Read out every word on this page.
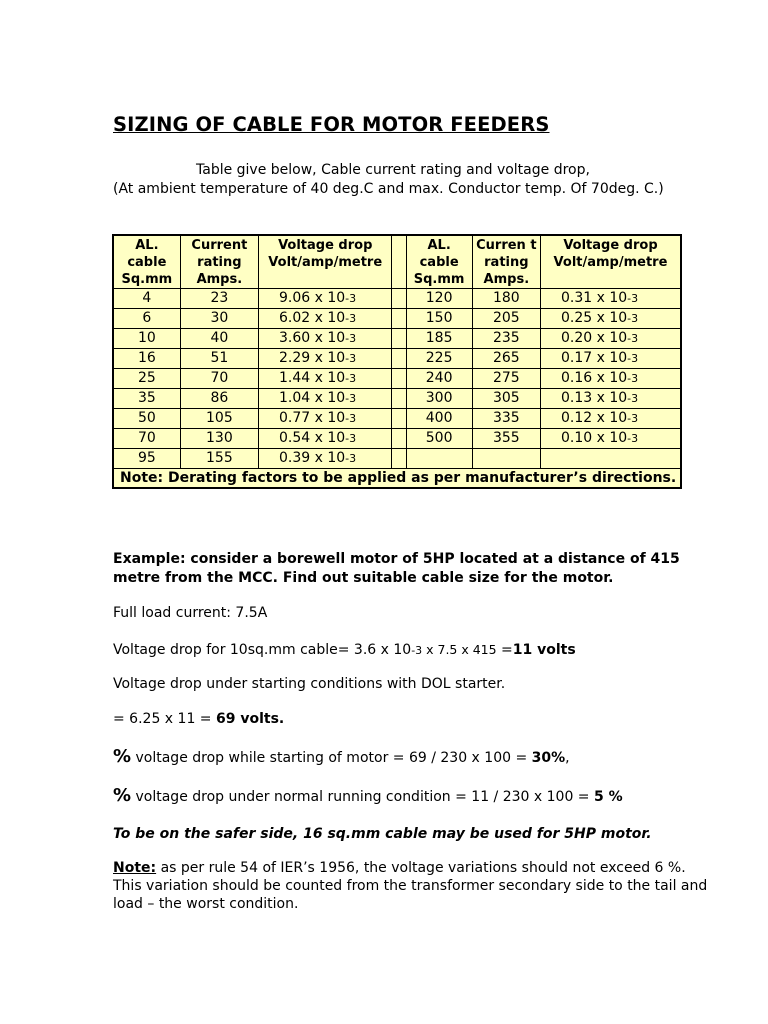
SIZING OF CABLE FOR MOTOR FEEDERS
Table give below, Cable current rating and voltage drop,
(At ambient temperature of 40 deg.C and max. Conductor temp. Of 70deg. C.)
AL. cable Sq.mm	Current rating Amps.	Voltage drop Volt/amp/metre		AL. cable Sq.mm	Curren t rating Amps.	Voltage drop Volt/amp/metre
4	23	9.06 x 10-3		120	180	0.31 x 10-3
6	30	6.02 x 10-3		150	205	0.25 x 10-3
10	40	3.60 x 10-3		185	235	0.20 x 10-3
16	51	2.29 x 10-3		225	265	0.17 x 10-3
25	70	1.44 x 10-3		240	275	0.16 x 10-3
35	86	1.04 x 10-3		300	305	0.13 x 10-3
50	105	0.77 x 10-3		400	335	0.12 x 10-3
70	130	0.54 x 10-3		500	355	0.10 x 10-3
95	155	0.39 x 10-3				
Note: Derating factors to be applied as per manufacturer’s directions.						
Example: consider a borewell motor of 5HP located at a distance of 415 metre from the MCC. Find out suitable cable size for the motor.
Full load current: 7.5A
Voltage drop for 10sq.mm cable= 3.6 x 10-3 x 7.5 x 415 =11 volts
Voltage drop under starting conditions with DOL starter.
= 6.25 x 11 = 69 volts.
% voltage drop while starting of motor = 69 / 230 x 100 = 30%,
% voltage drop under normal running condition = 11 / 230 x 100 = 5 %
To be on the safer side, 16 sq.mm cable may be used for 5HP motor.
Note: as per rule 54 of IER’s 1956, the voltage variations should not exceed 6 %. This variation should be counted from the transformer secondary side to the tail and load – the worst condition.
